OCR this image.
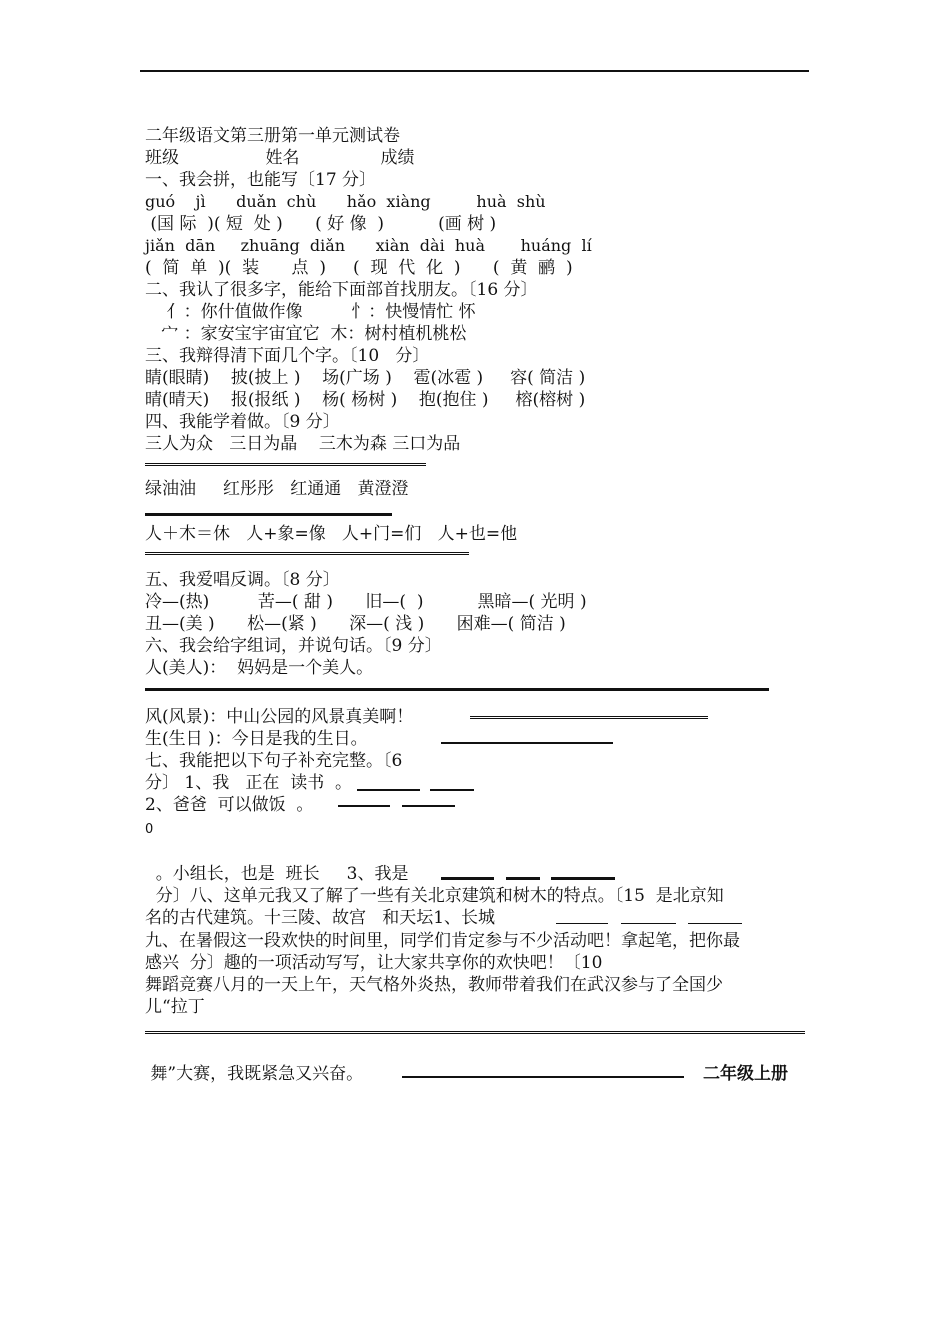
二年级语文第三册第一单元测试卷
班级                姓名               成绩
一、我会拼，也能写〔17 分〕
guó    jì      duǎn  chù      hǎo  xiàng         huà  shù
(国 际  )( 短  处 )      ( 好 像  )          (画 树 )
jiǎn  dān     zhuāng  diǎn      xiàn  dài  huà       huáng  lí
(  简  单  )(  装      点  )     (  现  代  化  )      (  黄  鹂  )
二、我认了很多字，能给下面部首找朋友。〔16 分〕
亻：你什值做作像         忄：快慢情忙 怀
宀 ：家安宝宇宙宜它  木：树村植机桃松
三、我辩得清下面几个字。〔10   分〕
睛(眼睛)    披(披上 )    场(广场 )    雹(冰雹 )     容( 简洁 )
晴(晴天)    报(报纸 )    杨( 杨树 )    抱(抱住 )     榕(榕树 )
四、我能学着做。〔9 分〕
三人为众   三日为晶    三木为森 三口为品
绿油油     红彤彤   红通通   黄澄澄
人＋木＝休   人+象=像   人+门=们   人+也=他
五、我爱唱反调。〔8 分〕
冷—(热)         苦—( 甜 )      旧—(  )          黑暗—( 光明 )
丑—(美 )      松—(紧 )      深—( 浅 )      困难—( 简洁 )
六、我会给字组词，并说句话。〔9 分〕
人(美人)：  妈妈是一个美人。
风(风景)：中山公园的风景真美啊！
生(生日 )：今日是我的生日。
七、我能把以下句子补充完整。〔6
分〕 1、我   正在  读书  。
2、爸爸  可以做饭  。
0
。小组长，也是  班长     3、我是
分〕八、这单元我又了解了一些有关北京建筑和树木的特点。〔15  是北京知
名的古代建筑。十三陵、故宫   和天坛1、长城
九、在暑假这一段欢快的时间里，同学们肯定参与不少活动吧！拿起笔，把你最
感兴  分〕趣的一项活动写写，让大家共享你的欢快吧！〔10
舞蹈竞赛八月的一天上午，天气格外炎热，教师带着我们在武汉参与了全国少
儿“拉丁
舞”大赛，我既紧急又兴奋。	二年级上册
